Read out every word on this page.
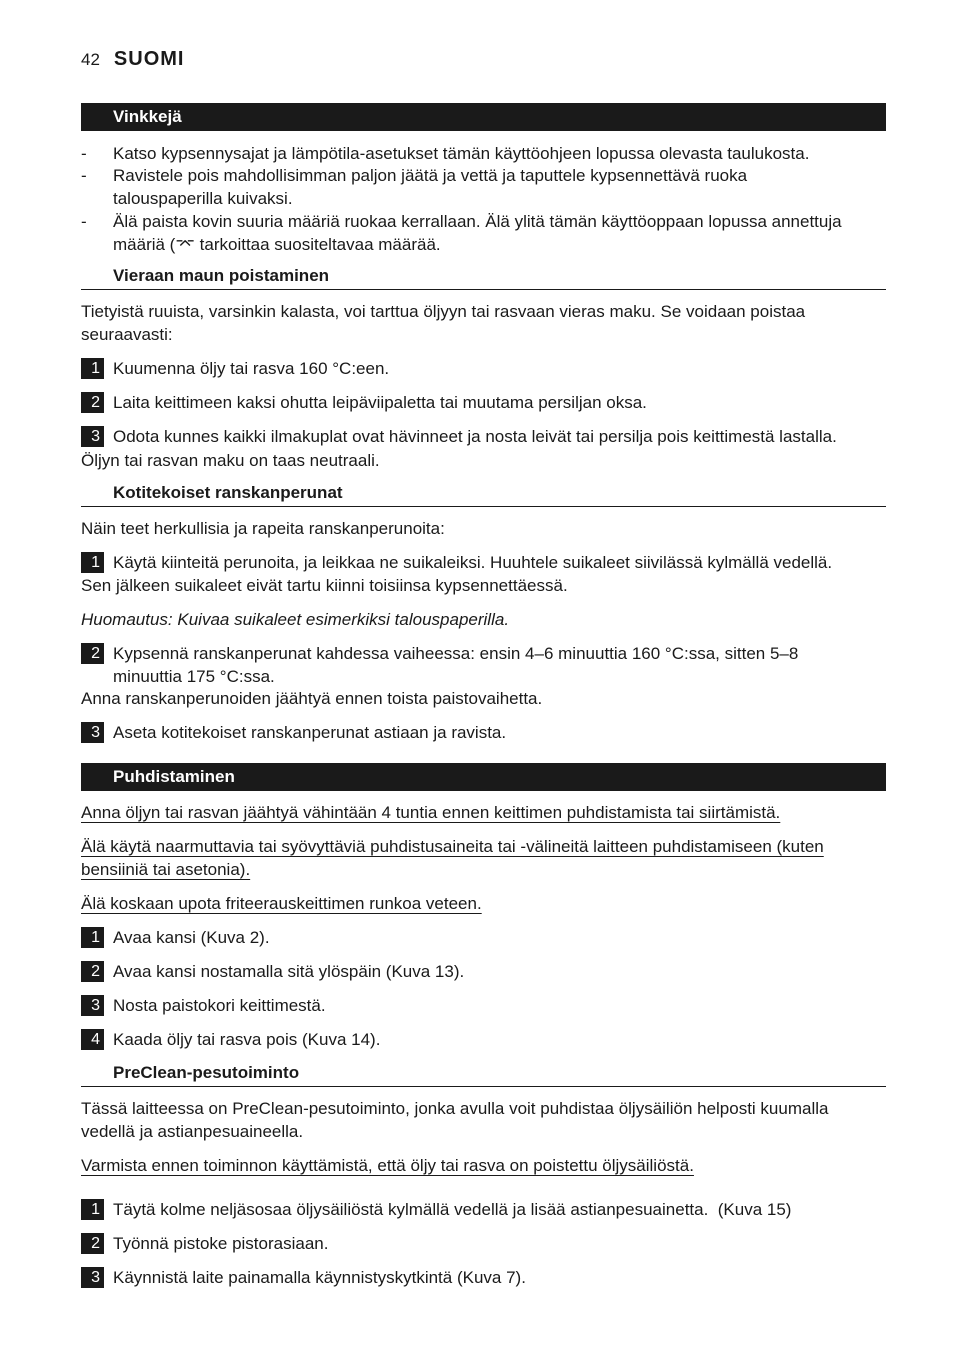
42 SUOMI
Vinkkejä
- Katso kypsennysajat ja lämpötila-asetukset tämän käyttöohjeen lopussa olevasta taulukosta.
- Ravistele pois mahdollisimman paljon jäätä ja vettä ja taputtele kypsennettävä ruoka talouspaperilla kuivaksi.
- Älä paista kovin suuria määriä ruokaa kerrallaan. Älä ylitä tämän käyttöoppaan lopussa annettuja määriä (⌤ tarkoittaa suositeltavaa määrää.
Vieraan maun poistaminen
Tietyistä ruuista, varsinkin kalasta, voi tarttua öljyyn tai rasvaan vieras maku. Se voidaan poistaa seuraavasti:
1 Kuumenna öljy tai rasva 160 °C:een.
2 Laita keittimeen kaksi ohutta leipäviipaletta tai muutama persiljan oksa.
3 Odota kunnes kaikki ilmakuplat ovat hävinneet ja nosta leivät tai persilja pois keittimestä lastalla.
Öljyn tai rasvan maku on taas neutraali.
Kotitekoiset ranskanperunat
Näin teet herkullisia ja rapeita ranskanperunoita:
1 Käytä kiinteitä perunoita, ja leikkaa ne suikaleiksi. Huuhtele suikaleet siivilässä kylmällä vedellä.
Sen jälkeen suikaleet eivät tartu kiinni toisiinsa kypsennettäessä.
Huomautus: Kuivaa suikaleet esimerkiksi talouspaperilla.
2 Kypsennä ranskanperunat kahdessa vaiheessa: ensin 4–6 minuuttia 160 °C:ssa, sitten 5–8 minuuttia 175 °C:ssa.
Anna ranskanperunoiden jäähtyä ennen toista paistovaihetta.
3 Aseta kotitekoiset ranskanperunat astiaan ja ravista.
Puhdistaminen
Anna öljyn tai rasvan jäähtyä vähintään 4 tuntia ennen keittimen puhdistamista tai siirtämistä.
Älä käytä naarmuttavia tai syövyttäviä puhdistusaineita tai -välineitä laitteen puhdistamiseen (kuten bensiiniä tai asetonia).
Älä koskaan upota friteerauskeittimen runkoa veteen.
1 Avaa kansi (Kuva 2).
2 Avaa kansi nostamalla sitä ylöspäin (Kuva 13).
3 Nosta paistokori keittimestä.
4 Kaada öljy tai rasva pois (Kuva 14).
PreClean-pesutoiminto
Tässä laitteessa on PreClean-pesutoiminto, jonka avulla voit puhdistaa öljysäiliön helposti kuumalla vedellä ja astianpesuaineella.
Varmista ennen toiminnon käyttämistä, että öljy tai rasva on poistettu öljysäiliöstä.
1 Täytä kolme neljäsosaa öljysäiliöstä kylmällä vedellä ja lisää astianpesuainetta.  (Kuva 15)
2 Työnnä pistoke pistorasiaan.
3 Käynnistä laite painamalla käynnistyskytkintä (Kuva 7).
